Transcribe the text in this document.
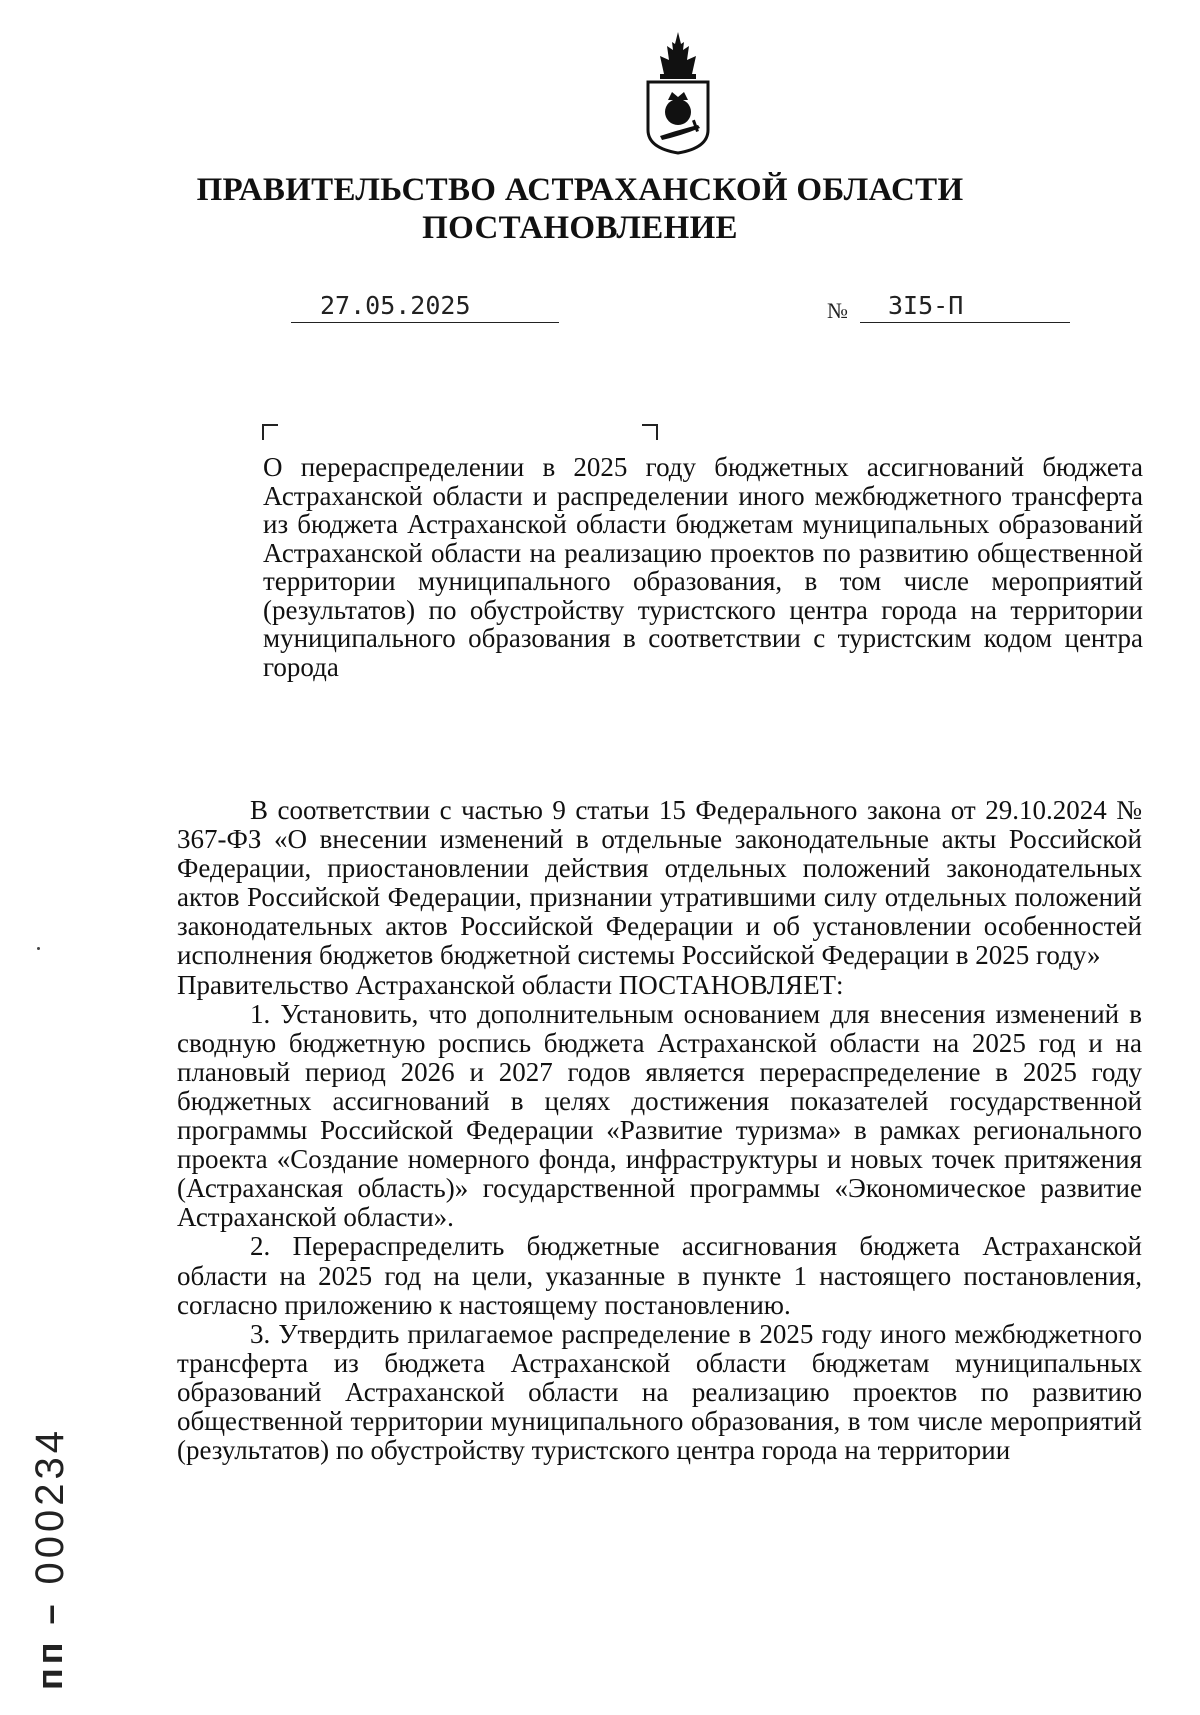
ПРАВИТЕЛЬСТВО АСТРАХАНСКОЙ ОБЛАСТИ
ПОСТАНОВЛЕНИЕ
27.05.2025	№ 3I5-П
О перераспределении в 2025 году бюджетных ассигнований бюджета Астраханской области и распределении иного межбюджетного трансферта из бюджета Астраханской области бюджетам муниципальных образований Астраханской области на реализацию проектов по развитию общественной территории муниципального образования, в том числе мероприятий (результатов) по обустройству туристского центра города на территории муниципального образования в соответствии с туристским кодом центра города

В соответствии с частью 9 статьи 15 Федерального закона от 29.10.2024 № 367-ФЗ «О внесении изменений в отдельные законодательные акты Российской Федерации, приостановлении действия отдельных положений законодательных актов Российской Федерации, признании утратившими силу отдельных положений законодательных актов Российской Федерации и об установлении особенностей исполнения бюджетов бюджетной системы Российской Федерации в 2025 году»

Правительство Астраханской области ПОСТАНОВЛЯЕТ:

1. Установить, что дополнительным основанием для внесения изменений в сводную бюджетную роспись бюджета Астраханской области на 2025 год и на плановый период 2026 и 2027 годов является перераспределение в 2025 году бюджетных ассигнований в целях достижения показателей государственной программы Российской Федерации «Развитие туризма» в рамках регионального проекта «Создание номерного фонда, инфраструктуры и новых точек притяжения (Астраханская область)» государственной программы «Экономическое развитие Астраханской области».

2. Перераспределить бюджетные ассигнования бюджета Астраханской области на 2025 год на цели, указанные в пункте 1 настоящего постановления, согласно приложению к настоящему постановлению.

3. Утвердить прилагаемое распределение в 2025 году иного межбюджетного трансферта из бюджета Астраханской области бюджетам муниципальных образований Астраханской области на реализацию проектов по развитию общественной территории муниципального образования, в том числе мероприятий (результатов) по обустройству туристского центра города на территории

пп –
000234
